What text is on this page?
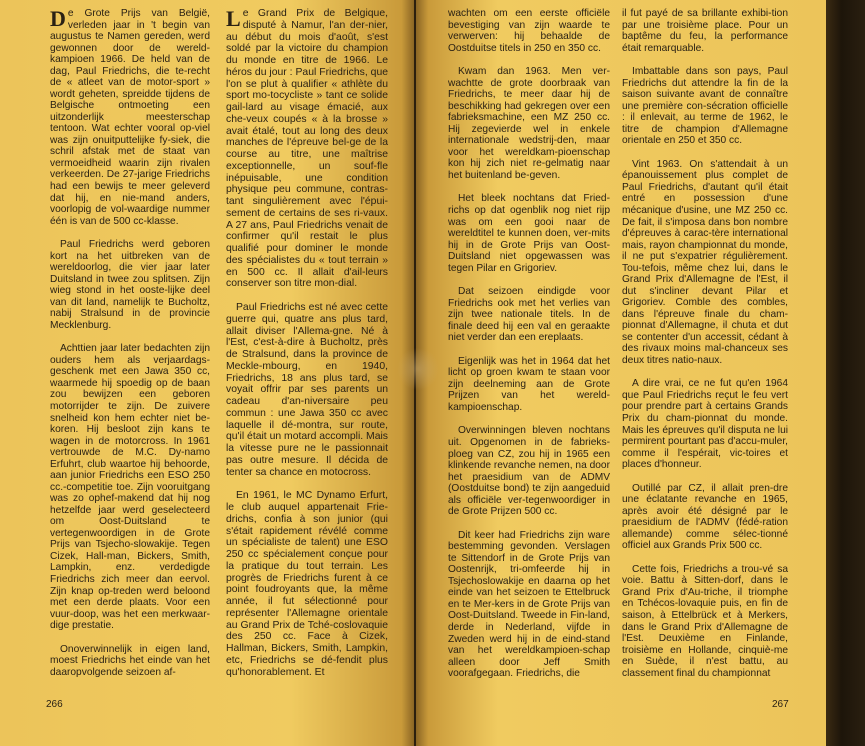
De Grote Prijs van België, verleden jaar in 't begin van augustus te Namen gereden, werd gewonnen door de wereld-kampioen 1966. De held van de dag, Paul Friedrichs, die te-recht de « atleet van de motor-sport » wordt geheten, spreidde tijdens de Belgische ontmoeting een uitzonderlijk meesterschap tentoon. Wat echter vooral op-viel was zijn onuitputtelijke fy-siek, die schril afstak met de staat van vermoeidheid waarin zijn rivalen verkeerden. De 27-jarige Friedrichs had een bewijs te meer geleverd dat hij, en nie-mand anders, voorlopig de vol-waardige nummer één is van de 500 cc-klasse.

Paul Friedrichs werd geboren kort na het uitbreken van de wereldoorlog, die vier jaar later Duitsland in twee zou splitsen. Zijn wieg stond in het ooste-lijke deel van dit land, namelijk te Bucholtz, nabij Stralsund in de provincie Mecklenburg.

Achttien jaar later bedachten zijn ouders hem als verjaardags-geschenk met een Jawa 350 cc, waarmede hij spoedig op de baan zou bewijzen een geboren motorrijder te zijn. De zuivere snelheid kon hem echter niet be-koren. Hij besloot zijn kans te wagen in de motorcross. In 1961 vertrouwde de M.C. Dy-namo Erfuhrt, club waartoe hij behoorde, aan junior Friedrichs een ESO 250 cc.-competitie toe. Zijn vooruitgang was zo ophef-makend dat hij nog hetzelfde jaar werd geselecteerd om Oost-Duitsland te vertegenwoordigen in de Grote Prijs van Tsjecho-slowakije. Tegen Cizek, Hall-man, Bickers, Smith, Lampkin, enz. verdedigde Friedrichs zich meer dan eervol. Zijn knap op-treden werd beloond met een derde plaats. Voor een vuur-doop, was het een merkwaar-dige prestatie.

Onoverwinnelijk in eigen land, moest Friedrichs het einde van het daaropvolgende seizoen af-

Le Grand Prix de Belgique, disputé à Namur, l'an der-nier, au début du mois d'août, s'est soldé par la victoire du champion du monde en titre de 1966. Le héros du jour : Paul Friedrichs, que l'on se plut à qualifier « athlète du sport mo-tocycliste » tant ce solide gail-lard au visage émacié, aux che-veux coupés « à la brosse » avait étalé, tout au long des deux manches de l'épreuve bel-ge de la course au titre, une maîtrise exceptionnelle, un souf-fle inépuisable, une condition physique peu commune, contras-tant singulièrement avec l'épui-sement de certains de ses ri-vaux. A 27 ans, Paul Friedrichs venait de confirmer qu'il restait le plus qualifié pour dominer le monde des spécialistes du « tout terrain » en 500 cc. Il allait d'ail-leurs conserver son titre mon-dial.

Paul Friedrichs est né avec cette guerre qui, quatre ans plus tard, allait diviser l'Allema-gne. Né à l'Est, c'est-à-dire à Bucholtz, près de Stralsund, dans la province de Meckle-mbourg, en 1940, Friedrichs, 18 ans plus tard, se voyait offrir par ses parents un cadeau d'an-niversaire peu commun : une Jawa 350 cc avec laquelle il dé-montra, sur route, qu'il était un motard accompli. Mais la vitesse pure ne le passionnait pas outre mesure. Il décida de tenter sa chance en motocross.

En 1961, le MC Dynamo Erfurt, le club auquel appartenait Frie-drichs, confia à son junior (qui s'était rapidement révélé comme un spécialiste de talent) une ESO 250 cc spécialement conçue pour la pratique du tout terrain. Les progrès de Friedrichs furent à ce point foudroyants que, la même année, il fut sélectionné pour représenter l'Allemagne orientale au Grand Prix de Tché-coslovaquie des 250 cc. Face à Cizek, Hallman, Bickers, Smith, Lampkin, etc, Friedrichs se dé-fendit plus qu'honorablement. Et

266

wachten om een eerste officiële bevestiging van zijn waarde te verwerven: hij behaalde de Oostduitse titels in 250 en 350 cc.

Kwam dan 1963. Men ver-wachtte de grote doorbraak van Friedrichs, te meer daar hij de beschikking had gekregen over een fabrieksmachine, een MZ 250 cc. Hij zegevierde wel in enkele internationale wedstrij-den, maar voor het wereldkam-pioenschap kon hij zich niet re-gelmatig naar het buitenland be-geven.

Het bleek nochtans dat Fried-richs op dat ogenblik nog niet rijp was om een gooi naar de wereldtitel te kunnen doen, ver-mits hij in de Grote Prijs van Oost-Duitsland niet opgewassen was tegen Pilar en Grigoriev.

Dat seizoen eindigde voor Friedrichs ook met het verlies van zijn twee nationale titels. In de finale deed hij een val en geraakte niet verder dan een ereplaats.

Eigenlijk was het in 1964 dat het licht op groen kwam te staan voor zijn deelneming aan de Grote Prijzen van het wereld-kampioenschap.

Overwinningen bleven nochtans uit. Opgenomen in de fabrieks-ploeg van CZ, zou hij in 1965 een klinkende revanche nemen, na door het praesidium van de ADMV (Oostduitse bond) te zijn aangeduid als officiële ver-tegenwoordiger in de Grote Prijzen 500 cc.

Dit keer had Friedrichs zijn ware bestemming gevonden. Verslagen te Sittendorf in de Grote Prijs van Oostenrijk, tri-omfeerde hij in Tsjechoslowakije en daarna op het einde van het seizoen te Ettelbruck en te Mer-kers in de Grote Prijs van Oost-Duitsland. Tweede in Fin-land, derde in Nederland, vijfde in Zweden werd hij in de eind-stand van het wereldkampioen-schap alleen door Jeff Smith voorafgegaan. Friedrichs, die

il fut payé de sa brillante exhibi-tion par une troisième place. Pour un baptême du feu, la performance était remarquable.

Imbattable dans son pays, Paul Friedrichs dut attendre la fin de la saison suivante avant de connaître une première con-sécration officielle : il enlevait, au terme de 1962, le titre de champion d'Allemagne orientale en 250 et 350 cc.

Vint 1963. On s'attendait à un épanouissement plus complet de Paul Friedrichs, d'autant qu'il était entré en possession d'une mécanique d'usine, une MZ 250 cc. De fait, il s'imposa dans bon nombre d'épreuves à carac-tère international mais, rayon championnat du monde, il ne put s'expatrier régulièrement. Tou-tefois, même chez lui, dans le Grand Prix d'Allemagne de l'Est, il dut s'incliner devant Pilar et Grigoriev. Comble des combles, dans l'épreuve finale du cham-pionnat d'Allemagne, il chuta et dut se contenter d'un accessit, cédant à des rivaux moins mal-chanceux ses deux titres natio-naux.

A dire vrai, ce ne fut qu'en 1964 que Paul Friedrichs reçut le feu vert pour prendre part à certains Grands Prix du cham-pionnat du monde. Mais les épreuves qu'il disputa ne lui permirent pourtant pas d'accu-muler, comme il l'espérait, vic-toires et places d'honneur.

Outillé par CZ, il allait pren-dre une éclatante revanche en 1965, après avoir été désigné par le praesidium de l'ADMV (fédé-ration allemande) comme sélec-tionné officiel aux Grands Prix 500 cc.

Cette fois, Friedrichs a trou-vé sa voie. Battu à Sitten-dorf, dans le Grand Prix d'Au-triche, il triomphe en Tchécos-lovaquie puis, en fin de saison, à Ettelbrück et à Merkers, dans le Grand Prix d'Allemagne de l'Est. Deuxième en Finlande, troisième en Hollande, cinquiè-me en Suède, il n'est battu, au classement final du championnat

267
